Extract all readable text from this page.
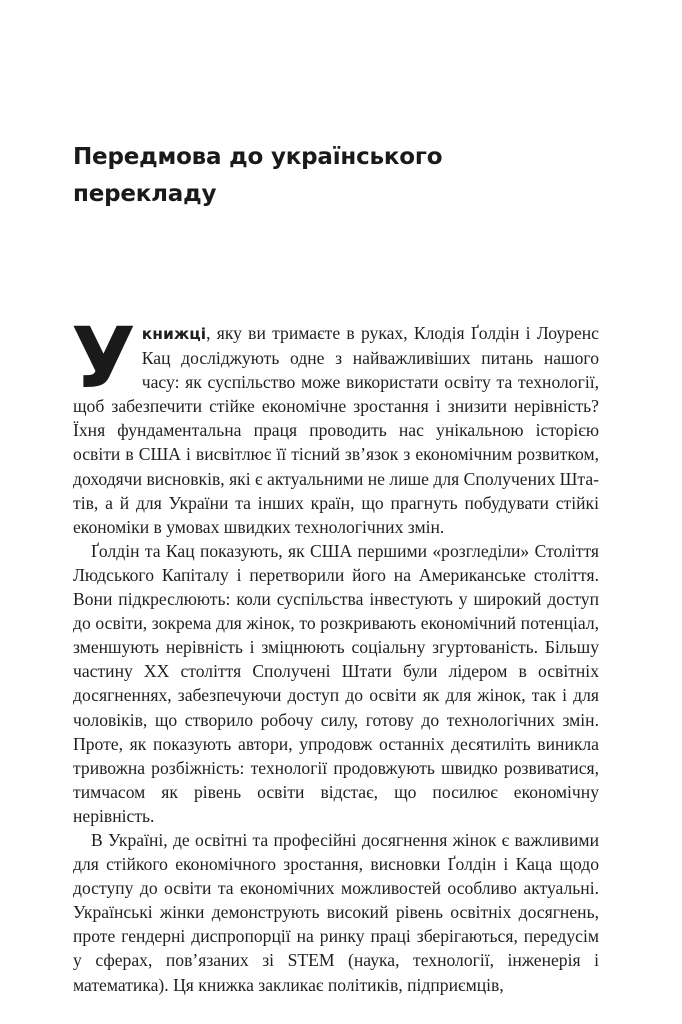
Передмова до українського
перекладу

Укнижці, яку ви тримаєте в руках, Клодія Ґолдін і Лоуренс Кац досліджують одне з найважливіших питань нашого часу: як суспільство може використати освіту та технології, щоб забезпечити стійке економічне зростання і знизити нерівність? Їхня фундаментальна праця проводить нас унікальною історією освіти в США і висвітлює її тісний зв’язок з економічним розвитком, доходячи висновків, які є актуальними не лише для Сполучених Штатів, а й для України та інших країн, що прагнуть побудувати стійкі економіки в умовах швидких технологічних змін.

Ґолдін та Кац показують, як США першими «розгледіли» Століття Людського Капіталу і перетворили його на Американське століття. Вони підкреслюють: коли суспільства інвестують у широкий доступ до освіти, зокрема для жінок, то розкривають економічний потенціал, зменшують нерівність і зміцнюють соціальну згуртованість. Більшу частину XX століття Сполучені Штати були лідером в освітніх досягненнях, забезпечуючи доступ до освіти як для жінок, так і для чоловіків, що створило робочу силу, готову до технологічних змін. Проте, як показують автори, упродовж останніх десятиліть виникла тривожна розбіжність: технології продовжують швидко розвиватися, тимчасом як рівень освіти відстає, що посилює економічну нерівність.

В Україні, де освітні та професійні досягнення жінок є важливими для стійкого економічного зростання, висновки Ґолдін і Каца щодо доступу до освіти та економічних можливостей особливо актуальні. Українські жінки демонструють високий рівень освітніх досягнень, проте гендерні диспропорції на ринку праці зберігаються, передусім у сферах, пов’язаних зі STEM (наука, технології, інженерія і математика). Ця книжка закликає політиків, підприємців,
